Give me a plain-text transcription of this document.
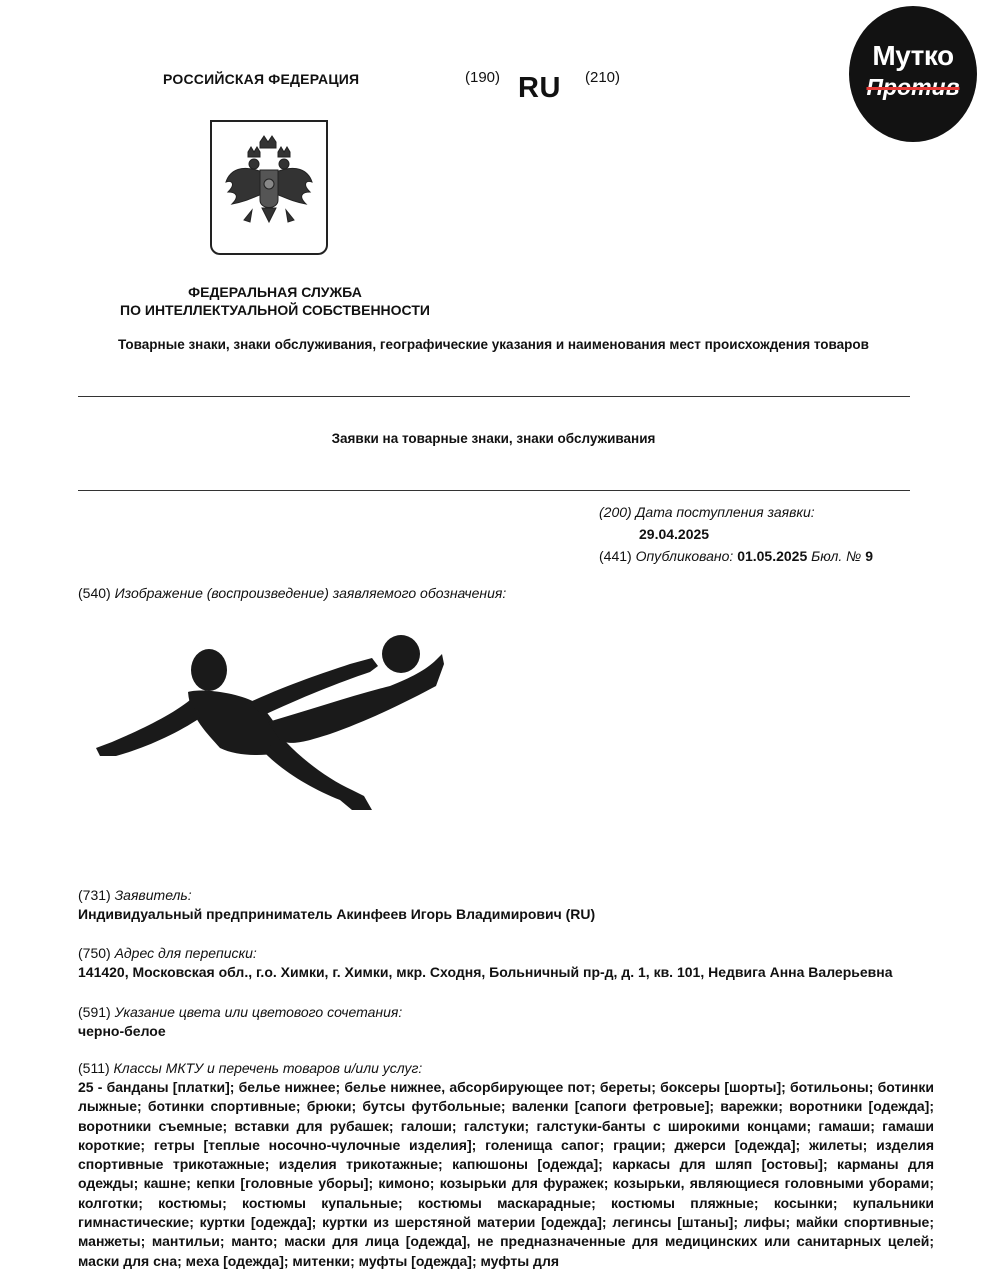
РОССИЙСКАЯ ФЕДЕРАЦИЯ	(190) RU (210)
ФЕДЕРАЛЬНАЯ СЛУЖБА
ПО ИНТЕЛЛЕКТУАЛЬНОЙ СОБСТВЕННОСТИ
Товарные знаки, знаки обслуживания, географические указания и наименования мест происхождения товаров
Заявки на товарные знаки, знаки обслуживания
(200) Дата поступления заявки:
29.04.2025
(441) Опубликовано: 01.05.2025 Бюл. № 9
(540) Изображение (воспроизведение) заявляемого обозначения:
(731) Заявитель:
Индивидуальный предприниматель Акинфеев Игорь Владимирович (RU)
(750) Адрес для переписки:
141420, Московская обл., г.о. Химки, г. Химки, мкр. Сходня, Больничный пр-д, д. 1, кв. 101, Недвига Анна Валерьевна
(591) Указание цвета или цветового сочетания:
черно-белое
(511) Классы МКТУ и перечень товаров и/или услуг:
25 - банданы [платки]; белье нижнее; белье нижнее, абсорбирующее пот; береты; боксеры [шорты]; ботильоны; ботинки лыжные; ботинки спортивные; брюки; бутсы футбольные; валенки [сапоги фетровые]; варежки; воротники [одежда]; воротники съемные; вставки для рубашек; галоши; галстуки; галстуки-банты с широкими концами; гамаши; гамаши короткие; гетры [теплые носочно-чулочные изделия]; голенища сапог; грации; джерси [одежда]; жилеты; изделия спортивные трикотажные; изделия трикотажные; капюшоны [одежда]; каркасы для шляп [остовы]; карманы для одежды; кашне; кепки [головные уборы]; кимоно; козырьки для фуражек; козырьки, являющиеся головными уборами; колготки; костюмы; костюмы купальные; костюмы маскарадные; костюмы пляжные; косынки; купальники гимнастические; куртки [одежда]; куртки из шерстяной материи [одежда]; легинсы [штаны]; лифы; майки спортивные; манжеты; мантильи; манто; маски для лица [одежда], не предназначенные для медицинских или санитарных целей; маски для сна; меха [одежда]; митенки; муфты [одежда]; муфты для
Мутко
Против
